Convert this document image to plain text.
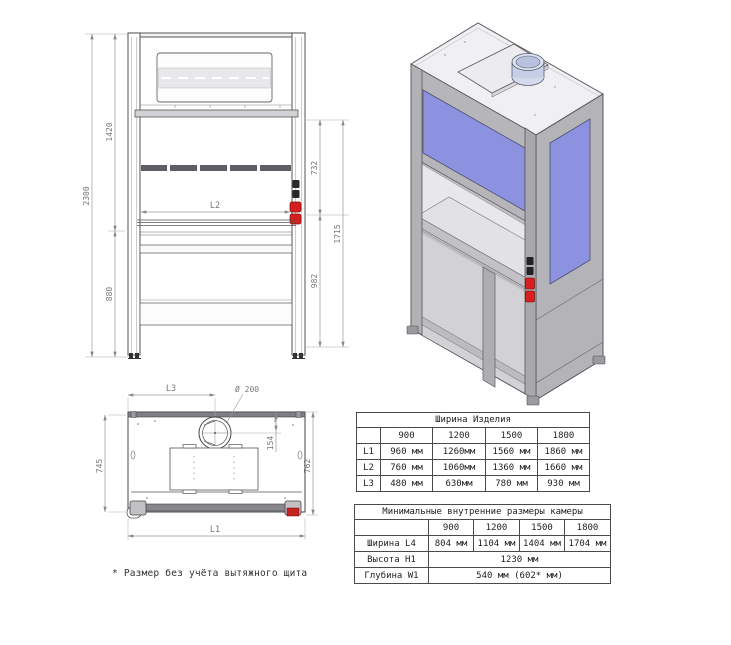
2300
1420
880
732
982
1715
L2
L3	Ø 200
154
745	762
L1
* Размер без учёта вытяжного щита
Ширина Изделия				
	900	1200	1500	1800
L1	960 мм	1260мм	1560 мм	1860 мм
L2	760 мм	1060мм	1360 мм	1660 мм
L3	480 мм	630мм	780 мм	930 мм
Минимальные внутренние размеры камеры				
	900	1200	1500	1800
Ширина L4	804 мм	1104 мм	1404 мм	1704 мм
Высота H1	1230 мм			
Глубина W1	540 мм (602* мм)			
